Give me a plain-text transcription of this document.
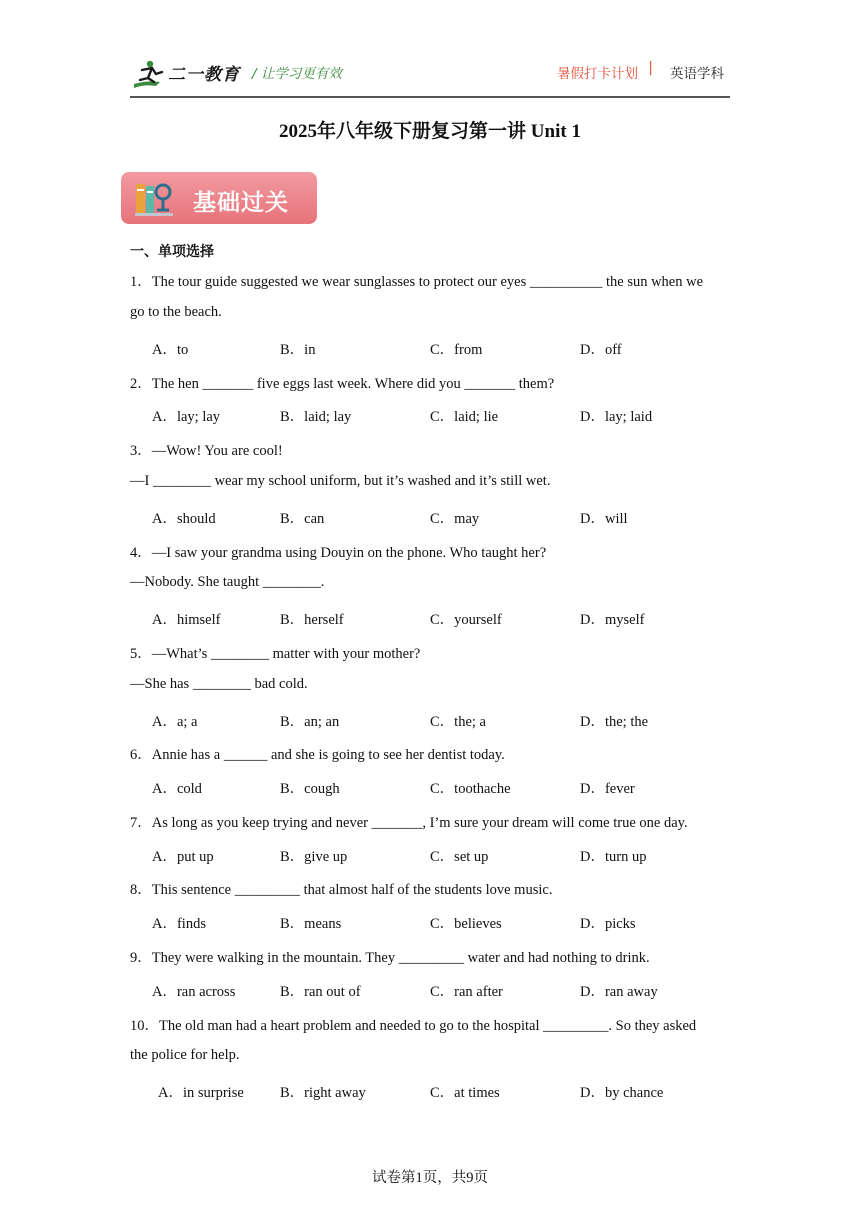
二一教育 / 让学习更有效	暑假打卡计划 | 英语学科
2025年八年级下册复习第一讲 Unit 1
基础过关
一、单项选择
1．The tour guide suggested we wear sunglasses to protect our eyes __________ the sun when we
go to the beach.
A．to	B．in	C．from	D．off
2．The hen _______ five eggs last week. Where did you _______ them?
A．lay; lay	B．laid; lay	C．laid; lie	D．lay; laid
3．—Wow! You are cool!
—I ________ wear my school uniform, but it’s washed and it’s still wet.
A．should	B．can	C．may	D．will
4．—I saw your grandma using Douyin on the phone. Who taught her?
—Nobody. She taught ________.
A．himself	B．herself	C．yourself	D．myself
5．—What’s ________ matter with your mother?
—She has ________ bad cold.
A．a; a	B．an; an	C．the; a	D．the; the
6．Annie has a ______ and she is going to see her dentist today.
A．cold	B．cough	C．toothache	D．fever
7．As long as you keep trying and never _______, I’m sure your dream will come true one day.
A．put up	B．give up	C．set up	D．turn up
8．This sentence _________ that almost half of the students love music.
A．finds	B．means	C．believes	D．picks
9．They were walking in the mountain. They _________ water and had nothing to drink.
A．ran across	B．ran out of	C．ran after	D．ran away
10．The old man had a heart problem and needed to go to the hospital _________. So they asked
the police for help.
A．in surprise B．right away	C．at times	D．by chance
试卷第1页，共9页
